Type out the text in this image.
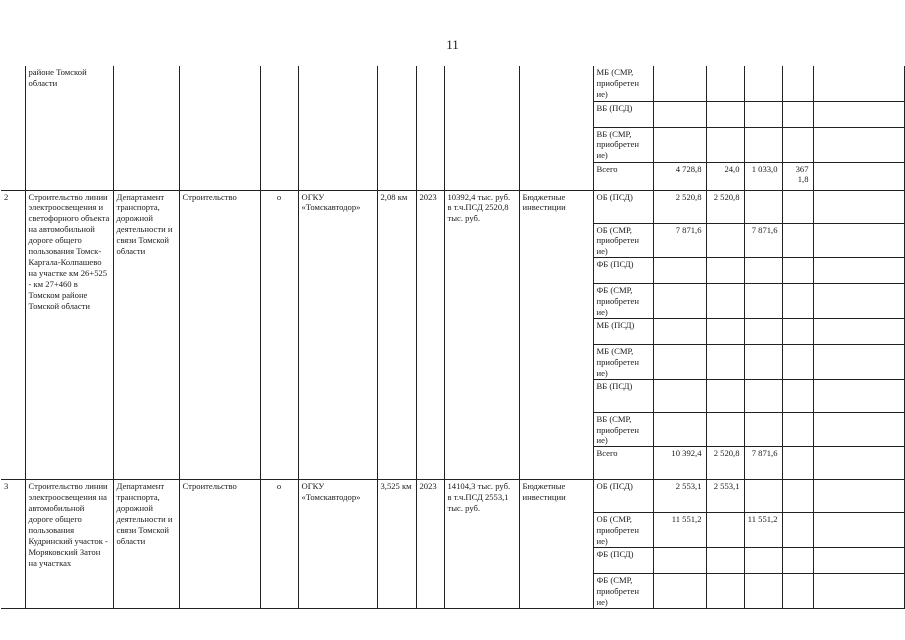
11
	районе Томской области									МБ (СМР, приобретен ие)						
										ВБ (ПСД)						
										ВБ (СМР, приобретен ие)						
										Всего	4 728,8	24,0	1 033,0	367 1,8		
2	Строительство линии электроосвещения и светофорного объекта на автомобильной дороге общего пользования Томск-Каргала-Колпашево на участке км 26+525 - км 27+460 в Томском районе Томской области	Департамент транспорта, дорожной деятельности и связи Томской области	Строительство	о	ОГКУ «Томскавтодор»	2,08 км	2023	10392,4 тыс. руб. в т.ч.ПСД 2520,8 тыс. руб.	Бюджетные инвестиции	ОБ (ПСД)	2 520,8	2 520,8				
										ОБ (СМР, приобретен ие)	7 871,6		7 871,6			
										ФБ (ПСД)						
										ФБ (СМР, приобретен ие)						
										МБ (ПСД)						
										МБ (СМР, приобретен ие)						
										ВБ (ПСД)						
										ВБ (СМР, приобретен ие)						
										Всего	10 392,4	2 520,8	7 871,6			
3	Строительство линии электроосвещения на автомобильной дороге общего пользования Кудринский участок - Моряковский Затон на участках	Департамент транспорта, дорожной деятельности и связи Томской области	Строительство	о	ОГКУ «Томскавтодор»	3,525 км	2023	14104,3 тыс. руб. в т.ч.ПСД 2553,1 тыс. руб.	Бюджетные инвестиции	ОБ (ПСД)	2 553,1	2 553,1				
										ОБ (СМР, приобретен ие)	11 551,2		11 551,2			
										ФБ (ПСД)						
										ФБ (СМР, приобретен ие)						
